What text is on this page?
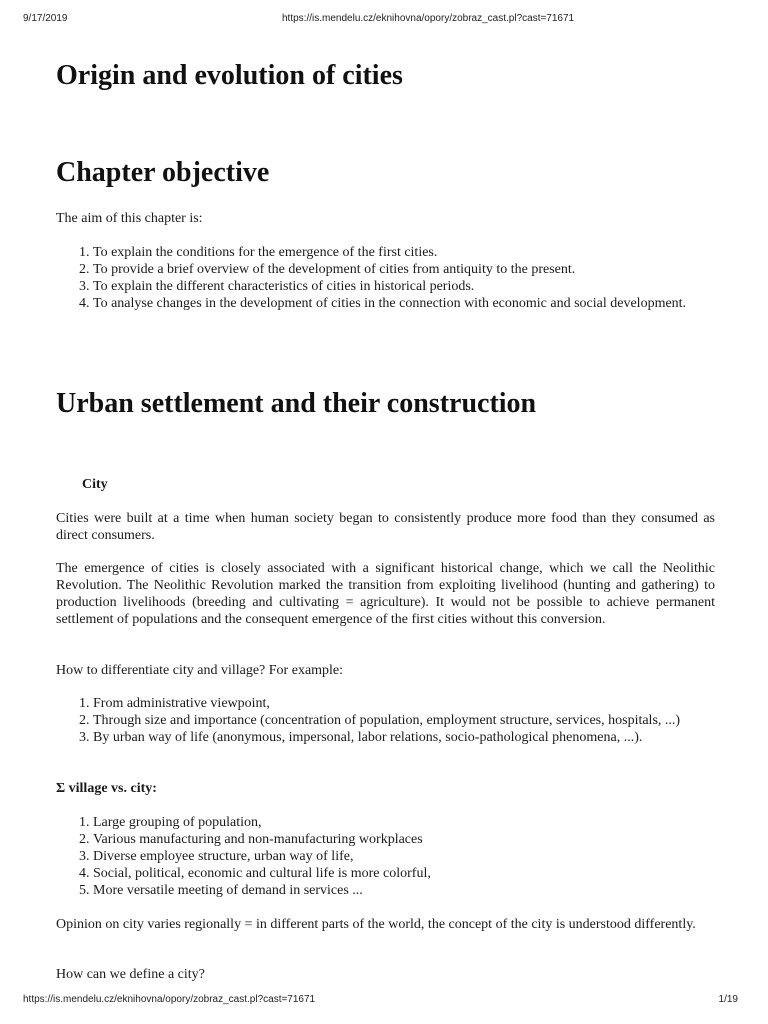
9/17/2019	https://is.mendelu.cz/eknihovna/opory/zobraz_cast.pl?cast=71671
Origin and evolution of cities
Chapter objective

The aim of this chapter is:

1. To explain the conditions for the emergence of the first cities.
2. To provide a brief overview of the development of cities from antiquity to the present.
3. To explain the different characteristics of cities in historical periods.
4. To analyse changes in the development of cities in the connection with economic and social development.
Urban settlement and their construction
City

Cities were built at a time when human society began to consistently produce more food than they consumed as direct consumers.

The emergence of cities is closely associated with a significant historical change, which we call the Neolithic Revolution. The Neolithic Revolution marked the transition from exploiting livelihood (hunting and gathering) to production livelihoods (breeding and cultivating = agriculture). It would not be possible to achieve permanent settlement of populations and the consequent emergence of the first cities without this conversion.

How to differentiate city and village? For example:

1. From administrative viewpoint,
2. Through size and importance (concentration of population, employment structure, services, hospitals, ...)
3. By urban way of life (anonymous, impersonal, labor relations, socio-pathological phenomena, ...).
Σ village vs. city:
1. Large grouping of population,
2. Various manufacturing and non-manufacturing workplaces
3. Diverse employee structure, urban way of life,
4. Social, political, economic and cultural life is more colorful,
5. More versatile meeting of demand in services ...

Opinion on city varies regionally = in different parts of the world, the concept of the city is understood differently.

How can we define a city?

https://is.mendelu.cz/eknihovna/opory/zobraz_cast.pl?cast=71671	1/19
